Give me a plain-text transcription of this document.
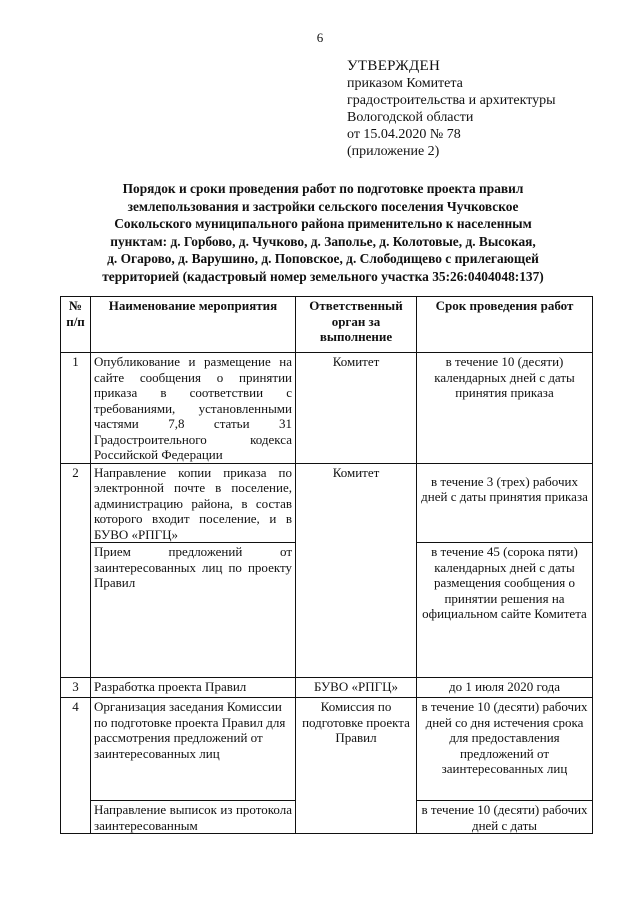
6
УТВЕРЖДЕН
приказом Комитета
градостроительства и архитектуры
Вологодской области
от 15.04.2020 № 78
(приложение 2)
Порядок и сроки проведения работ по подготовке проекта правил
землепользования и застройки сельского поселения Чучковское
Сокольского муниципального района применительно к населенным
пунктам: д. Горбово, д. Чучково, д. Заполье, д. Колотовые, д. Высокая,
д. Огарово, д. Варушино, д. Поповское, д. Слободищево с прилегающей
территорией (кадастровый номер земельного участка 35:26:0404048:137)
№ п/п	Наименование мероприятия	Ответственный орган за выполнение	Срок проведения работ
1	Опубликование и размещение на сайте сообщения о принятии приказа в соответствии с требованиями, установленными частями 7,8 статьи 31 Градостроительного кодекса Российской Федерации	Комитет	в течение 10 (десяти) календарных дней с даты принятия приказа
2	Направление копии приказа по электронной почте в поселение, администрацию района, в состав которого входит поселение, и в БУВО «РПГЦ»	Комитет	в течение 3 (трех) рабочих дней с даты принятия приказа
	Прием предложений от заинтересованных лиц по проекту Правил		в течение 45 (сорока пяти) календарных дней с даты размещения сообщения о принятии решения на официальном сайте Комитета
3	Разработка проекта Правил	БУВО «РПГЦ»	до 1 июля 2020 года
4	Организация заседания Комиссии по подготовке проекта Правил для рассмотрения предложений от заинтересованных лиц	Комиссия по подготовке проекта Правил	в течение 10 (десяти) рабочих дней со дня истечения срока для предоставления предложений от заинтересованных лиц
	Направление выписок из протокола заинтересованным		в течение 10 (десяти) рабочих дней с даты
